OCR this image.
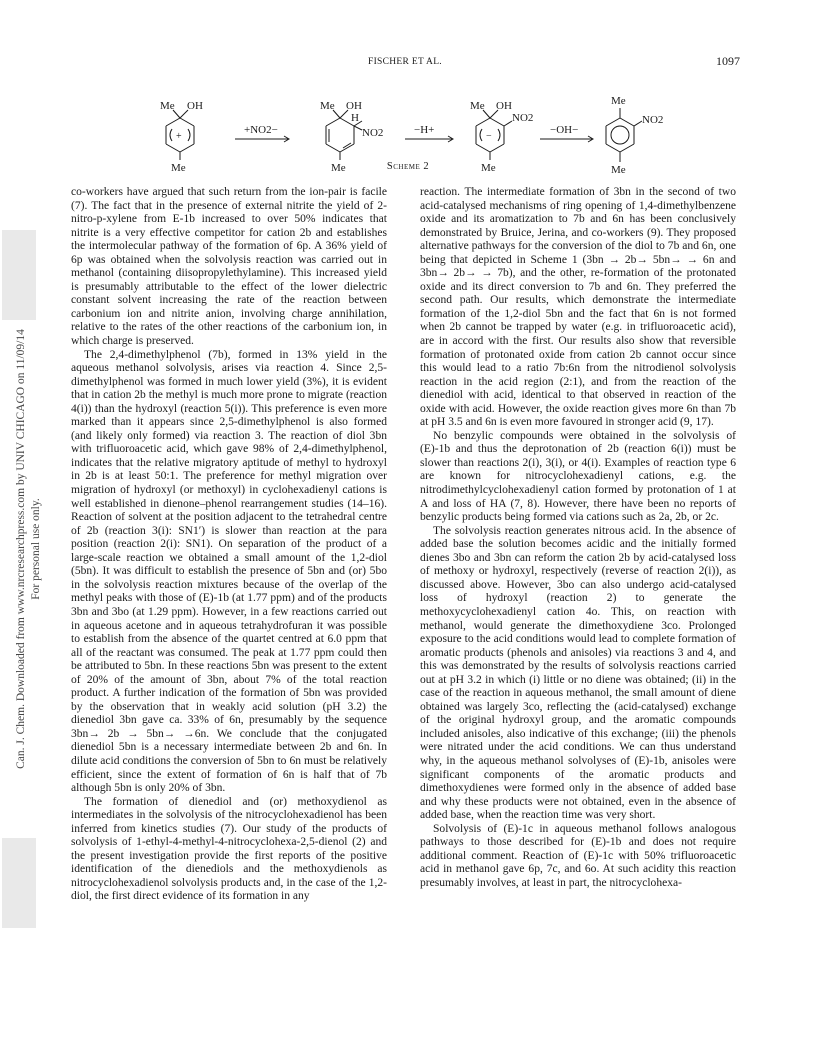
FISCHER ET AL.	1097
Me OH
+
Me
+NO2−
Me OH
H
NO2
Me
−H+
Me OH
NO2
−
Me
−OH−
Me
NO2
Me
Scheme 2

co-workers have argued that such return from the ion-pair is facile (7). The fact that in the presence of external nitrite the yield of 2-nitro-p-xylene from E-1b increased to over 50% indicates that nitrite is a very effective competitor for cation 2b and establishes the intermolecular pathway of the formation of 6p. A 36% yield of 6p was obtained when the solvolysis reaction was carried out in methanol (containing diisopropylethylamine). This increased yield is presumably attributable to the effect of the lower dielectric constant solvent increasing the rate of the reaction between carbonium ion and nitrite anion, involving charge annihilation, relative to the rates of the other reactions of the carbonium ion, in which charge is preserved.

The 2,4-dimethylphenol (7b), formed in 13% yield in the aqueous methanol solvolysis, arises via reaction 4. Since 2,5-dimethylphenol was formed in much lower yield (3%), it is evident that in cation 2b the methyl is much more prone to migrate (reaction 4(i)) than the hydroxyl (reaction 5(i)). This preference is even more marked than it appears since 2,5-dimethylphenol is also formed (and likely only formed) via reaction 3. The reaction of diol 3bn with trifluoroacetic acid, which gave 98% of 2,4-dimethylphenol, indicates that the relative migratory aptitude of methyl to hydroxyl in 2b is at least 50:1. The preference for methyl migration over migration of hydroxyl (or methoxyl) in cyclohexadienyl cations is well established in dienone–phenol rearrangement studies (14–16). Reaction of solvent at the position adjacent to the tetrahedral centre of 2b (reaction 3(i): SN1′) is slower than reaction at the para position (reaction 2(i): SN1). On separation of the product of a large-scale reaction we obtained a small amount of the 1,2-diol (5bn). It was difficult to establish the presence of 5bn and (or) 5bo in the solvolysis reaction mixtures because of the overlap of the methyl peaks with those of (E)-1b (at 1.77 ppm) and of the products 3bn and 3bo (at 1.29 ppm). However, in a few reactions carried out in aqueous acetone and in aqueous tetrahydrofuran it was possible to establish from the absence of the quartet centred at 6.0 ppm that all of the reactant was consumed. The peak at 1.77 ppm could then be attributed to 5bn. In these reactions 5bn was present to the extent of 20% of the amount of 3bn, about 7% of the total reaction product. A further indication of the formation of 5bn was provided by the observation that in weakly acid solution (pH 3.2) the dienediol 3bn gave ca. 33% of 6n, presumably by the sequence 3bn→ 2b → 5bn→ →6n. We conclude that the conjugated dienediol 5bn is a necessary intermediate between 2b and 6n. In dilute acid conditions the conversion of 5bn to 6n must be relatively efficient, since the extent of formation of 6n is half that of 7b although 5bn is only 20% of 3bn.

The formation of dienediol and (or) methoxydienol as intermediates in the solvolysis of the nitrocyclohexadienol has been inferred from kinetics studies (7). Our study of the products of solvolysis of 1-ethyl-4-methyl-4-nitrocyclohexa-2,5-dienol (2) and the present investigation provide the first reports of the positive identification of the dienediols and the methoxydienols as nitrocyclohexadienol solvolysis products and, in the case of the 1,2-diol, the first direct evidence of its formation in any

reaction. The intermediate formation of 3bn in the second of two acid-catalysed mechanisms of ring opening of 1,4-dimethylbenzene oxide and its aromatization to 7b and 6n has been conclusively demonstrated by Bruice, Jerina, and co-workers (9). They proposed alternative pathways for the conversion of the diol to 7b and 6n, one being that depicted in Scheme 1 (3bn → 2b→ 5bn→ → 6n and 3bn→ 2b→ → 7b), and the other, re-formation of the protonated oxide and its direct conversion to 7b and 6n. They preferred the second path. Our results, which demonstrate the intermediate formation of the 1,2-diol 5bn and the fact that 6n is not formed when 2b cannot be trapped by water (e.g. in trifluoroacetic acid), are in accord with the first. Our results also show that reversible formation of protonated oxide from cation 2b cannot occur since this would lead to a ratio 7b:6n from the nitrodienol solvolysis reaction in the acid region (2:1), and from the reaction of the dienediol with acid, identical to that observed in reaction of the oxide with acid. However, the oxide reaction gives more 6n than 7b at pH 3.5 and 6n is even more favoured in stronger acid (9, 17).

No benzylic compounds were obtained in the solvolysis of (E)-1b and thus the deprotonation of 2b (reaction 6(i)) must be slower than reactions 2(i), 3(i), or 4(i). Examples of reaction type 6 are known for nitrocyclohexadienyl cations, e.g. the nitrodimethylcyclohexadienyl cation formed by protonation of 1 at A and loss of HA (7, 8). However, there have been no reports of benzylic products being formed via cations such as 2a, 2b, or 2c.

The solvolysis reaction generates nitrous acid. In the absence of added base the solution becomes acidic and the initially formed dienes 3bo and 3bn can reform the cation 2b by acid-catalysed loss of methoxy or hydroxyl, respectively (reverse of reaction 2(i)), as discussed above. However, 3bo can also undergo acid-catalysed loss of hydroxyl (reaction 2) to generate the methoxycyclohexadienyl cation 4o. This, on reaction with methanol, would generate the dimethoxydiene 3co. Prolonged exposure to the acid conditions would lead to complete formation of aromatic products (phenols and anisoles) via reactions 3 and 4, and this was demonstrated by the results of solvolysis reactions carried out at pH 3.2 in which (i) little or no diene was obtained; (ii) in the case of the reaction in aqueous methanol, the small amount of diene obtained was largely 3co, reflecting the (acid-catalysed) exchange of the original hydroxyl group, and the aromatic compounds included anisoles, also indicative of this exchange; (iii) the phenols were nitrated under the acid conditions. We can thus understand why, in the aqueous methanol solvolyses of (E)-1b, anisoles were significant components of the aromatic products and dimethoxydienes were formed only in the absence of added base and why these products were not obtained, even in the absence of added base, when the reaction time was very short.

Solvolysis of (E)-1c in aqueous methanol follows analogous pathways to those described for (E)-1b and does not require additional comment. Reaction of (E)-1c with 50% trifluoroacetic acid in methanol gave 6p, 7c, and 6o. At such acidity this reaction presumably involves, at least in part, the nitrocyclohexa-

Can. J. Chem. Downloaded from www.nrcresearchpress.com by UNIV CHICAGO on 11/09/14 For personal use only.
